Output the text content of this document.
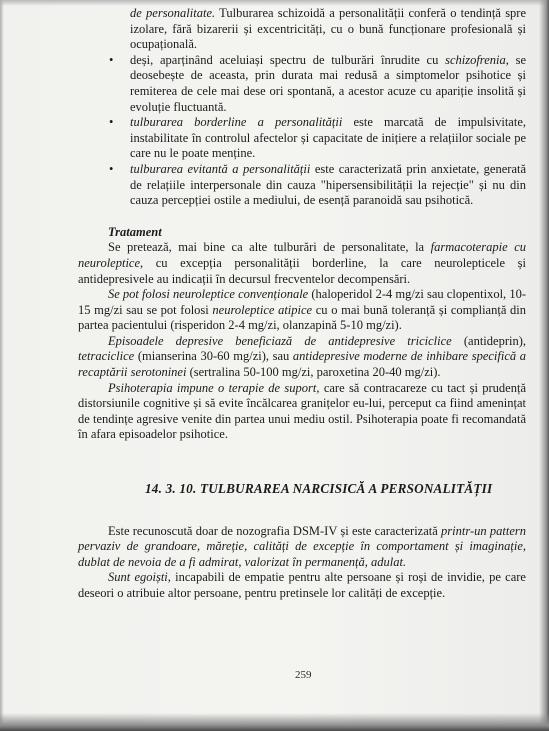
de personalitate. Tulburarea schizoidă a personalității conferă o tendință spre izolare, fără bizarerii și excentricități, cu o bună funcționare profesională și ocupațională.

• deși, aparținând aceluiași spectru de tulburări înrudite cu schizofrenia, se deosebește de aceasta, prin durata mai redusă a simptomelor psihotice și remiterea de cele mai dese ori spontană, a acestor acuze cu apariție insolită și evoluție fluctuantă.
• tulburarea borderline a personalității este marcată de impulsivitate, instabilitate în controlul afectelor și capacitate de inițiere a relațiilor sociale pe care nu le poate menține.
• tulburarea evitantă a personalității este caracterizată prin anxietate, generată de relațiile interpersonale din cauza "hipersensibilității la rejecție" și nu din cauza percepției ostile a mediului, de esență paranoidă sau psihotică.

Tratament

Se pretează, mai bine ca alte tulburări de personalitate, la farmacoterapie cu neuroleptice, cu excepția personalității borderline, la care neurolepticele și antidepresivele au indicații în decursul frecventelor decompensări.

Se pot folosi neuroleptice convenționale (haloperidol 2-4 mg/zi sau clopentixol, 10-15 mg/zi sau se pot folosi neuroleptice atipice cu o mai bună toleranță și complianță din partea pacientului (risperidon 2-4 mg/zi, olanzapină 5-10 mg/zi).

Episoadele depresive beneficiază de antidepresive triciclice (antideprin), tetraciclice (mianserina 30-60 mg/zi), sau antidepresive moderne de inhibare specifică a recaptării serotoninei (sertralina 50-100 mg/zi, paroxetina 20-40 mg/zi).

Psihoterapia impune o terapie de suport, care să contracareze cu tact și prudență distorsiunile cognitive și să evite încălcarea granițelor eu-lui, perceput ca fiind amenințat de tendințe agresive venite din partea unui mediu ostil. Psihoterapia poate fi recomandată în afara episoadelor psihotice.

14. 3. 10. TULBURAREA NARCISICĂ A PERSONALITĂȚII

Este recunoscută doar de nozografia DSM-IV și este caracterizată printr-un pattern pervaziv de grandoare, măreție, calități de excepție în comportament și imaginație, dublat de nevoia de a fi admirat, valorizat în permanență, adulat.

Sunt egoiști, incapabili de empatie pentru alte persoane și roși de invidie, pe care deseori o atribuie altor persoane, pentru pretinsele lor calități de excepție.

259
